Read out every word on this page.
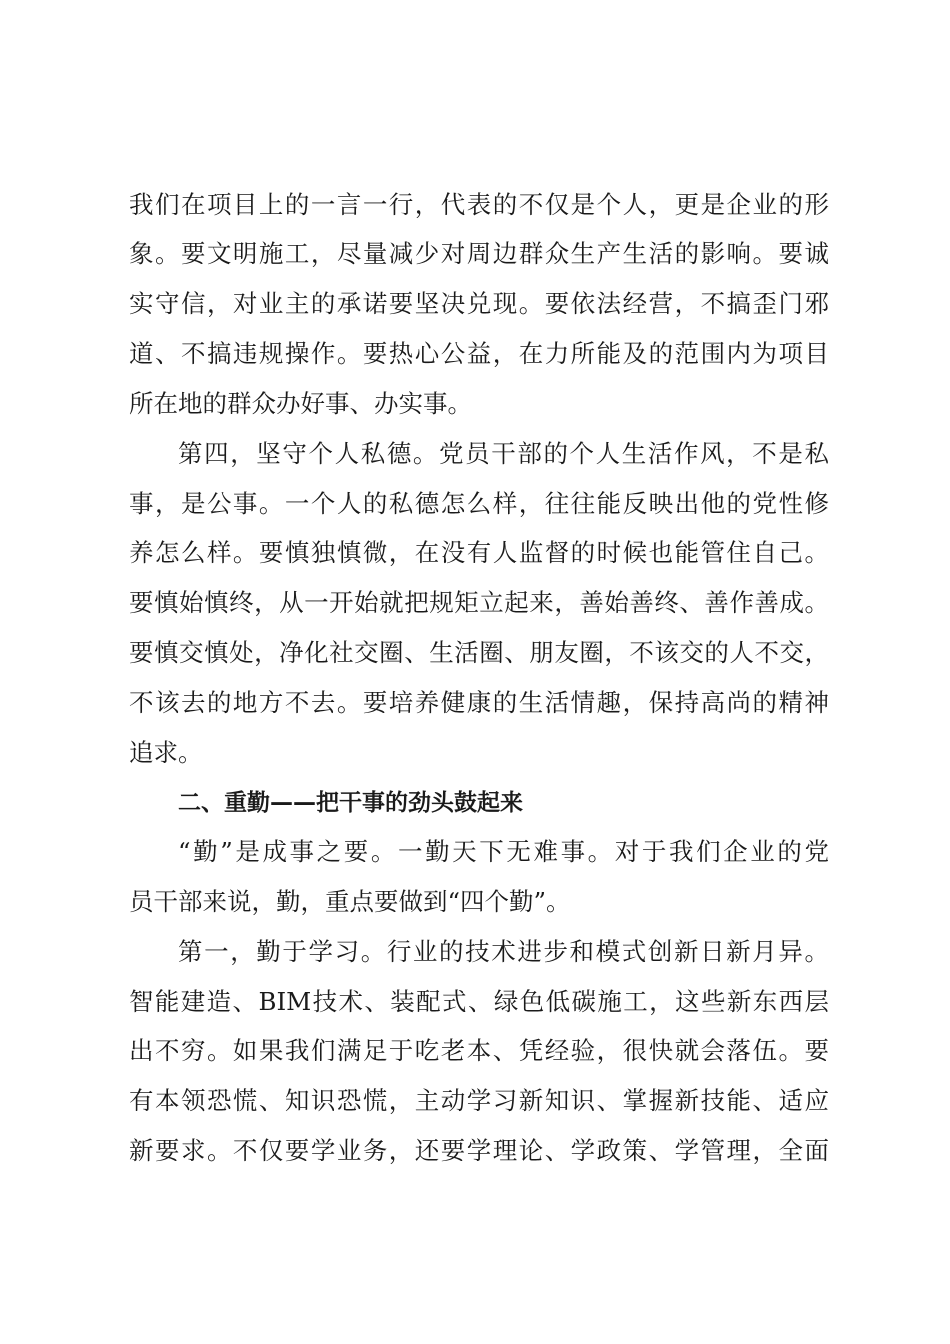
我们在项目上的一言一行，代表的不仅是个人，更是企业的形
象。要文明施工，尽量减少对周边群众生产生活的影响。要诚
实守信，对业主的承诺要坚决兑现。要依法经营，不搞歪门邪
道、不搞违规操作。要热心公益，在力所能及的范围内为项目
所在地的群众办好事、办实事。
第四，坚守个人私德。党员干部的个人生活作风，不是私
事，是公事。一个人的私德怎么样，往往能反映出他的党性修
养怎么样。要慎独慎微，在没有人监督的时候也能管住自己。
要慎始慎终，从一开始就把规矩立起来，善始善终、善作善成。
要慎交慎处，净化社交圈、生活圈、朋友圈，不该交的人不交，
不该去的地方不去。要培养健康的生活情趣，保持高尚的精神
追求。
二、重勤——把干事的劲头鼓起来
“勤”是成事之要。一勤天下无难事。对于我们企业的党
员干部来说，勤，重点要做到“四个勤”。
第一，勤于学习。行业的技术进步和模式创新日新月异。
智能建造、BIM技术、装配式、绿色低碳施工，这些新东西层
出不穷。如果我们满足于吃老本、凭经验，很快就会落伍。要
有本领恐慌、知识恐慌，主动学习新知识、掌握新技能、适应
新要求。不仅要学业务，还要学理论、学政策、学管理，全面
